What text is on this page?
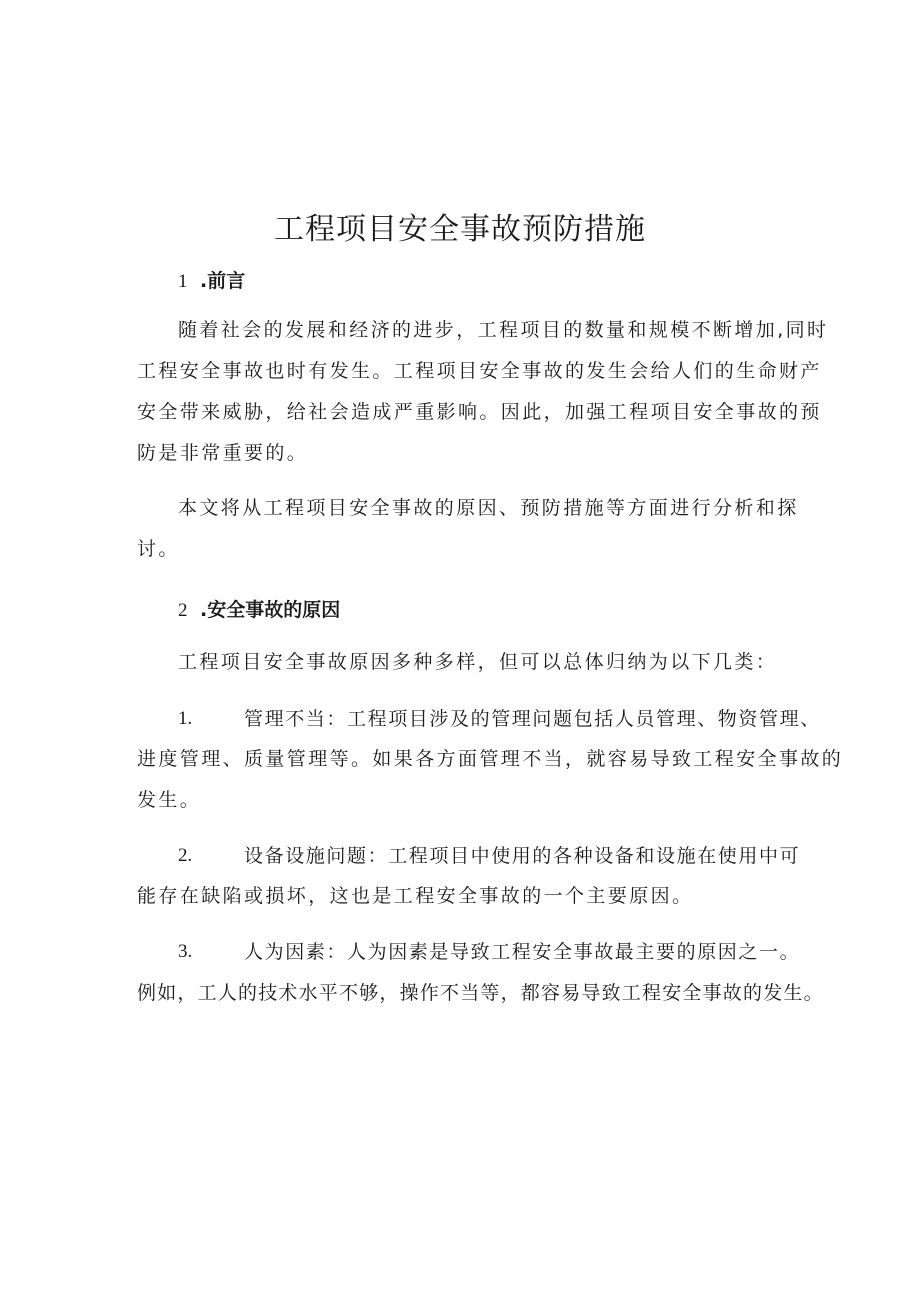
工程项目安全事故预防措施
1 .前言
随着社会的发展和经济的进步，工程项目的数量和规模不断增加,同时
工程安全事故也时有发生。工程项目安全事故的发生会给人们的生命财产
安全带来威胁，给社会造成严重影响。因此，加强工程项目安全事故的预
防是非常重要的。
本文将从工程项目安全事故的原因、预防措施等方面进行分析和探
讨。
2 .安全事故的原因
工程项目安全事故原因多种多样，但可以总体归纳为以下几类：
1.	管理不当：工程项目涉及的管理问题包括人员管理、物资管理、
进度管理、质量管理等。如果各方面管理不当，就容易导致工程安全事故的
发生。
2.	设备设施问题：工程项目中使用的各种设备和设施在使用中可
能存在缺陷或损坏，这也是工程安全事故的一个主要原因。
3.	人为因素：人为因素是导致工程安全事故最主要的原因之一。
例如，工人的技术水平不够，操作不当等，都容易导致工程安全事故的发生。
